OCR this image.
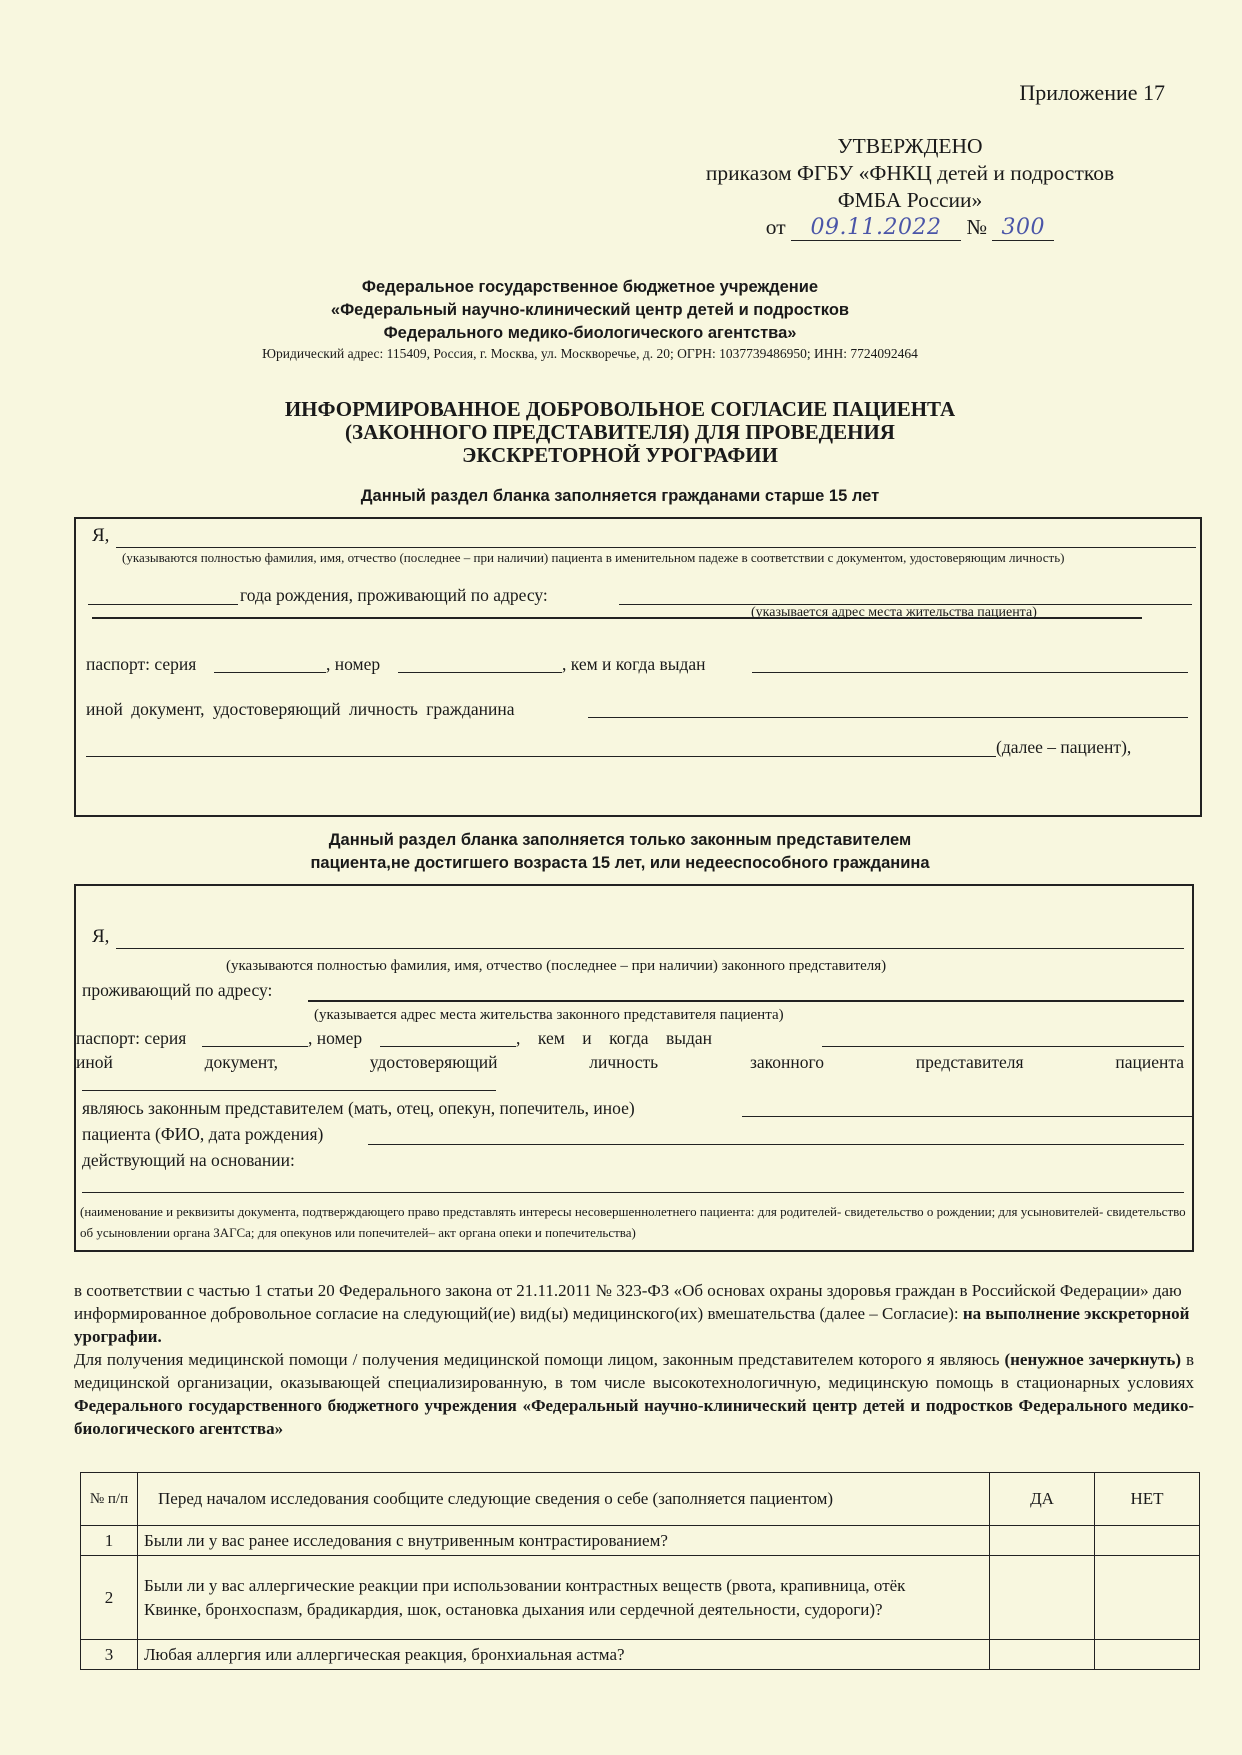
Приложение 17
УТВЕРЖДЕНО
приказом ФГБУ «ФНКЦ детей и подростков
ФМБА России»
от 09.11.2022 № 300
Федеральное государственное бюджетное учреждение
«Федеральный научно-клинический центр детей и подростков
Федерального медико-биологического агентства»
Юридический адрес: 115409, Россия, г. Москва, ул. Москворечье, д. 20; ОГРН: 1037739486950; ИНН: 7724092464
ИНФОРМИРОВАННОЕ ДОБРОВОЛЬНОЕ СОГЛАСИЕ ПАЦИЕНТА
(ЗАКОННОГО ПРЕДСТАВИТЕЛЯ) ДЛЯ ПРОВЕДЕНИЯ
ЭКСКРЕТОРНОЙ УРОГРАФИИ
Данный раздел бланка заполняется гражданами старше 15 лет
Я,
(указываются полностью фамилия, имя, отчество (последнее – при наличии) пациента в именительном падеже в соответствии с документом, удостоверяющим личность)
года рождения, проживающий по адресу:
(указывается адрес места жительства пациента)
паспорт: серия	, номер	, кем и когда выдан
иной документ, удостоверяющий личность гражданина
(далее – пациент),
Данный раздел бланка заполняется только законным представителем
пациента,не достигшего возраста 15 лет, или недееспособного гражданина
Я,
(указываются полностью фамилия, имя, отчество (последнее – при наличии) законного представителя)
проживающий по адресу:
(указывается адрес места жительства законного представителя пациента)
паспорт: серия	, номер	,    кем    и    когда    выдан
иной	документ,	удостоверяющий	личность	законного	представителя	пациента
являюсь законным представителем (мать, отец, опекун, попечитель, иное)
пациента (ФИО, дата рождения)
действующий на основании:
(наименование и реквизиты документа, подтверждающего право представлять интересы несовершеннолетнего пациента: для родителей- свидетельство о рождении; для усыновителей- свидетельство об усыновлении органа ЗАГСа; для опекунов или попечителей– акт органа опеки и попечительства)
в соответствии с частью 1 статьи 20 Федерального закона от 21.11.2011 № 323-ФЗ «Об основах охраны здоровья граждан в Российской Федерации» даю информированное добровольное согласие на следующий(ие) вид(ы) медицинского(их) вмешательства (далее – Согласие): на выполнение экскреторной урографии.
Для получения медицинской помощи / получения медицинской помощи лицом, законным представителем которого я являюсь (ненужное зачеркнуть) в медицинской организации, оказывающей специализированную, в том числе высокотехнологичную, медицинскую помощь в стационарных условиях Федерального государственного бюджетного учреждения «Федеральный научно-клинический центр детей и подростков Федерального медико-биологического агентства»
№ п/п	Перед началом исследования сообщите следующие сведения о себе (заполняется пациентом)	ДА	НЕТ
1	Были ли у вас ранее исследования с внутривенным контрастированием?		
2	Были ли у вас аллергические реакции при использовании контрастных веществ (рвота, крапивница, отёк Квинке, бронхоспазм, брадикардия, шок, остановка дыхания или сердечной деятельности, судороги)?		
3	Любая аллергия или аллергическая реакция, бронхиальная астма?		
